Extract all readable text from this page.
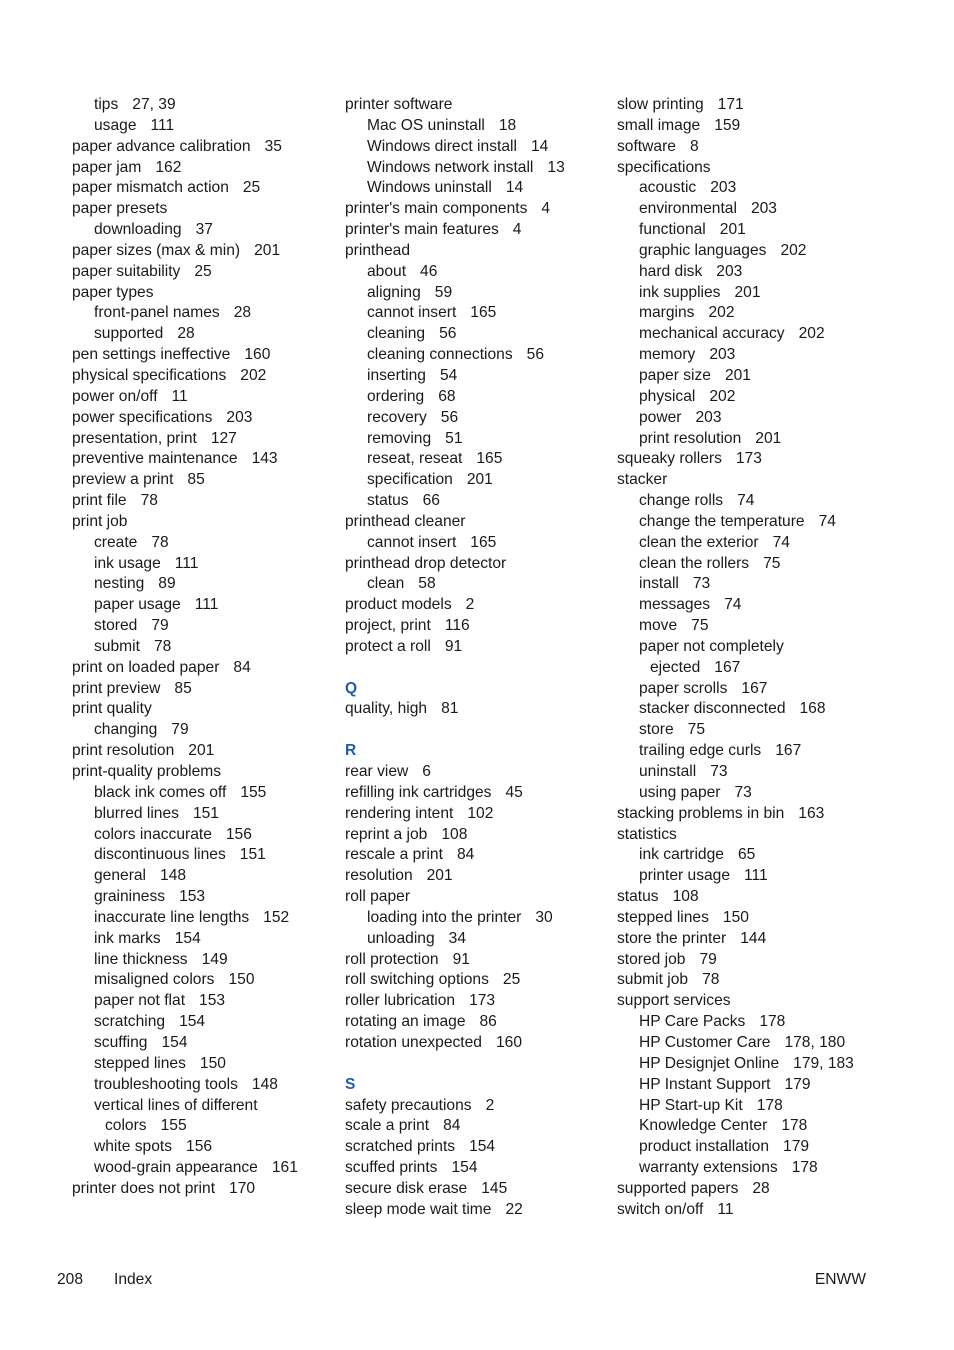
tips 27, 39
usage 111
paper advance calibration 35
paper jam 162
paper mismatch action 25
paper presets
downloading 37
paper sizes (max & min) 201
paper suitability 25
paper types
front-panel names 28
supported 28
pen settings ineffective 160
physical specifications 202
power on/off 11
power specifications 203
presentation, print 127
preventive maintenance 143
preview a print 85
print file 78
print job
create 78
ink usage 111
nesting 89
paper usage 111
stored 79
submit 78
print on loaded paper 84
print preview 85
print quality
changing 79
print resolution 201
print-quality problems
black ink comes off 155
blurred lines 151
colors inaccurate 156
discontinuous lines 151
general 148
graininess 153
inaccurate line lengths 152
ink marks 154
line thickness 149
misaligned colors 150
paper not flat 153
scratching 154
scuffing 154
stepped lines 150
troubleshooting tools 148
vertical lines of different
colors 155
white spots 156
wood-grain appearance 161
printer does not print 170
printer software
Mac OS uninstall 18
Windows direct install 14
Windows network install 13
Windows uninstall 14
printer's main components 4
printer's main features 4
printhead
about 46
aligning 59
cannot insert 165
cleaning 56
cleaning connections 56
inserting 54
ordering 68
recovery 56
removing 51
reseat, reseat 165
specification 201
status 66
printhead cleaner
cannot insert 165
printhead drop detector
clean 58
product models 2
project, print 116
protect a roll 91
Q
quality, high 81
R
rear view 6
refilling ink cartridges 45
rendering intent 102
reprint a job 108
rescale a print 84
resolution 201
roll paper
loading into the printer 30
unloading 34
roll protection 91
roll switching options 25
roller lubrication 173
rotating an image 86
rotation unexpected 160
S
safety precautions 2
scale a print 84
scratched prints 154
scuffed prints 154
secure disk erase 145
sleep mode wait time 22
slow printing 171
small image 159
software 8
specifications
acoustic 203
environmental 203
functional 201
graphic languages 202
hard disk 203
ink supplies 201
margins 202
mechanical accuracy 202
memory 203
paper size 201
physical 202
power 203
print resolution 201
squeaky rollers 173
stacker
change rolls 74
change the temperature 74
clean the exterior 74
clean the rollers 75
install 73
messages 74
move 75
paper not completely
ejected 167
paper scrolls 167
stacker disconnected 168
store 75
trailing edge curls 167
uninstall 73
using paper 73
stacking problems in bin 163
statistics
ink cartridge 65
printer usage 111
status 108
stepped lines 150
store the printer 144
stored job 79
submit job 78
support services
HP Care Packs 178
HP Customer Care 178, 180
HP Designjet Online 179, 183
HP Instant Support 179
HP Start-up Kit 178
Knowledge Center 178
product installation 179
warranty extensions 178
supported papers 28
switch on/off 11
208 Index	ENWW
